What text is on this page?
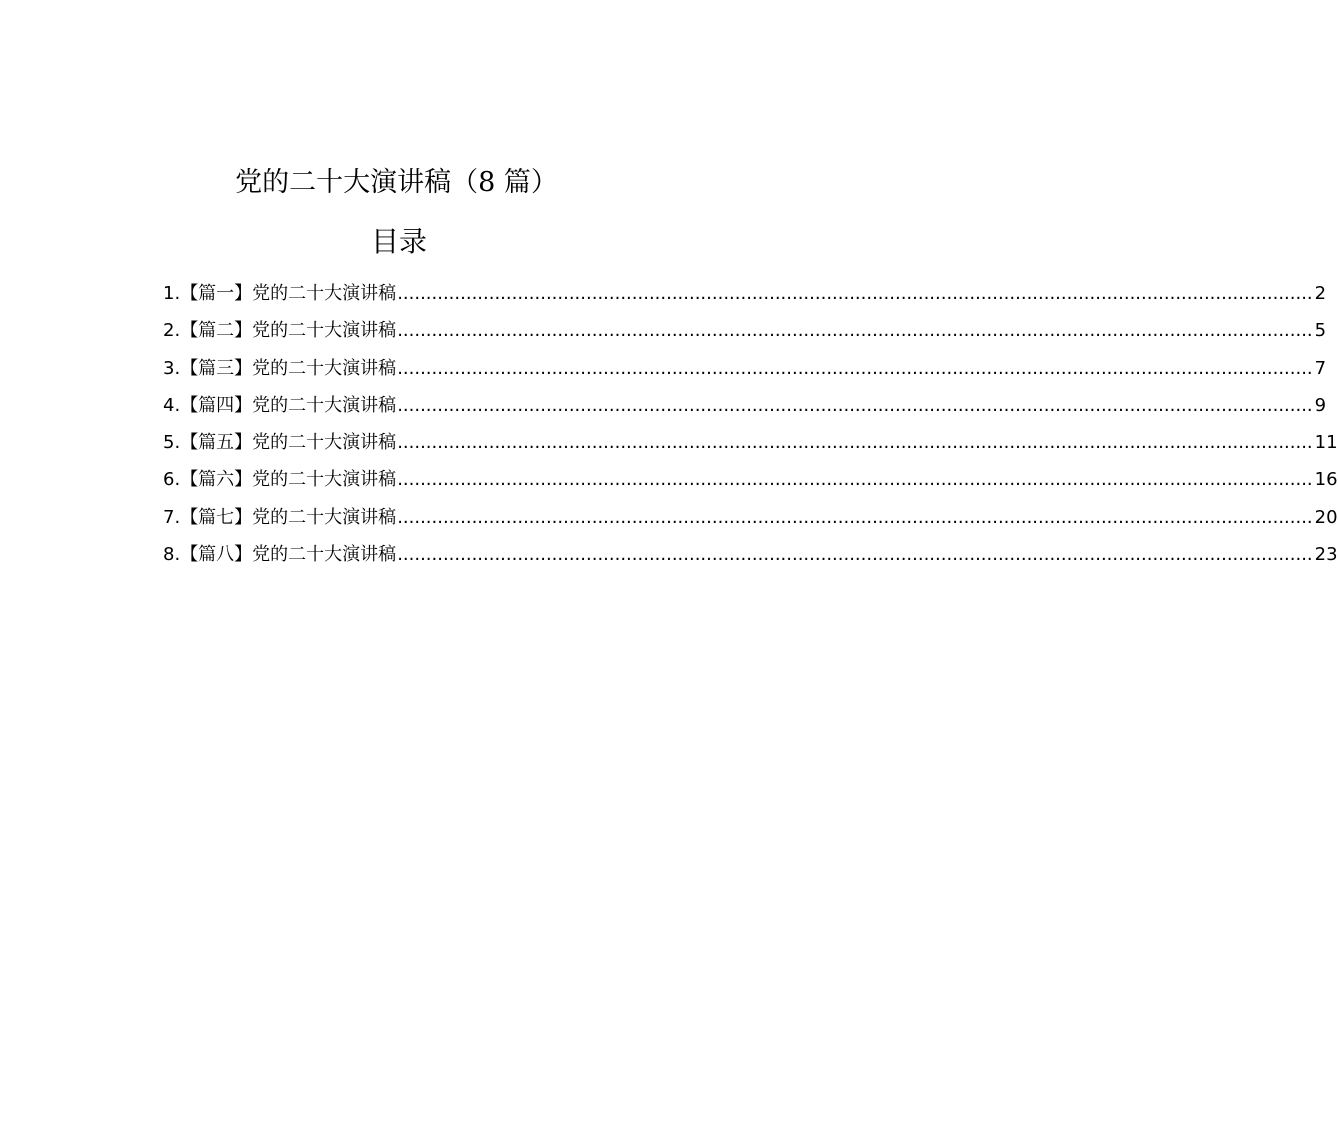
党的二十大演讲稿（8 篇）
目录
1. 【篇一】党的二十大演讲稿 ................................................................................................................................................................ 2
2. 【篇二】党的二十大演讲稿 ................................................................................................................................................................ 5
3. 【篇三】党的二十大演讲稿 ................................................................................................................................................................ 7
4. 【篇四】党的二十大演讲稿 ................................................................................................................................................................ 9
5. 【篇五】党的二十大演讲稿 ................................................................................................................................................................ 11
6. 【篇六】党的二十大演讲稿 ................................................................................................................................................................ 16
7. 【篇七】党的二十大演讲稿 ................................................................................................................................................................ 20
8. 【篇八】党的二十大演讲稿 ................................................................................................................................................................ 23
